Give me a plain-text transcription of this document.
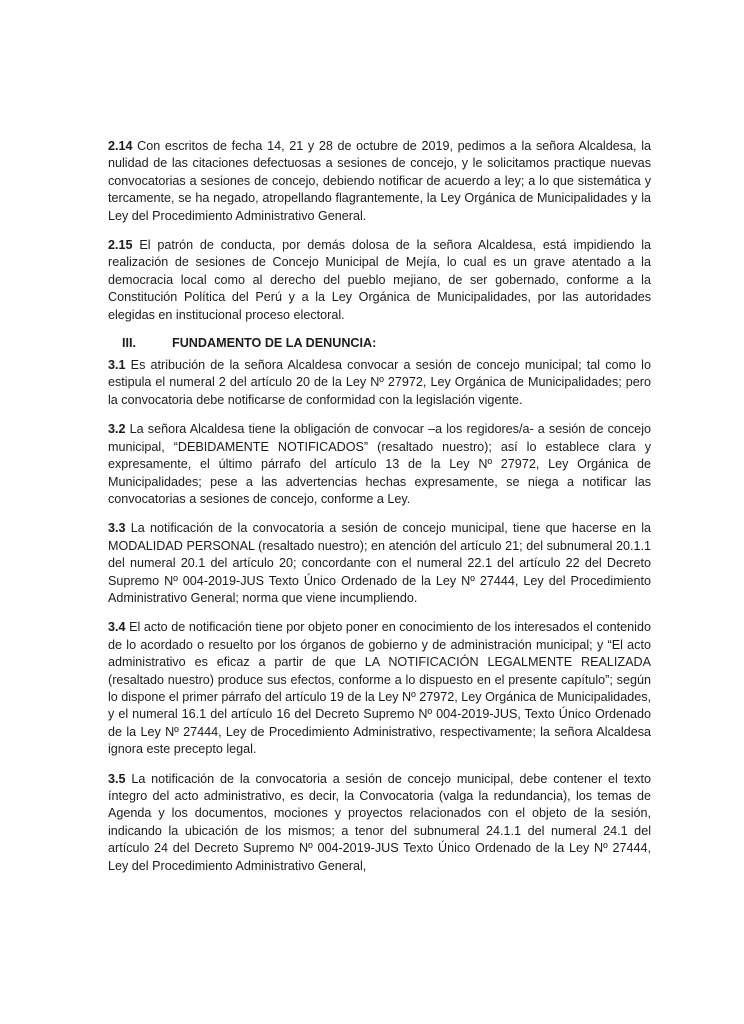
2.14 Con escritos de fecha 14, 21 y 28 de octubre de 2019, pedimos a la señora Alcaldesa, la nulidad de las citaciones defectuosas a sesiones de concejo, y le solicitamos practique nuevas convocatorias a sesiones de concejo, debiendo notificar de acuerdo a ley; a lo que sistemática y tercamente, se ha negado, atropellando flagrantemente, la Ley Orgánica de Municipalidades y la Ley del Procedimiento Administrativo General.

2.15 El patrón de conducta, por demás dolosa de la señora Alcaldesa, está impidiendo la realización de sesiones de Concejo Municipal de Mejía, lo cual es un grave atentado a la democracia local como al derecho del pueblo mejiano, de ser gobernado, conforme a la Constitución Política del Perú y a la Ley Orgánica de Municipalidades, por las autoridades elegidas en institucional proceso electoral.

III.	FUNDAMENTO DE LA DENUNCIA:

3.1 Es atribución de la señora Alcaldesa convocar a sesión de concejo municipal; tal como lo estipula el numeral 2 del artículo 20 de la Ley Nº 27972, Ley Orgánica de Municipalidades; pero la convocatoria debe notificarse de conformidad con la legislación vigente.

3.2 La señora Alcaldesa tiene la obligación de convocar –a los regidores/a- a sesión de concejo municipal, “DEBIDAMENTE NOTIFICADOS” (resaltado nuestro); así lo establece clara y expresamente, el último párrafo del artículo 13 de la Ley Nº 27972, Ley Orgánica de Municipalidades; pese a las advertencias hechas expresamente, se niega a notificar las convocatorias a sesiones de concejo, conforme a Ley.

3.3 La notificación de la convocatoria a sesión de concejo municipal, tiene que hacerse en la MODALIDAD PERSONAL (resaltado nuestro); en atención del artículo 21; del subnumeral 20.1.1 del numeral 20.1 del artículo 20; concordante con el numeral 22.1 del artículo 22 del Decreto Supremo Nº 004-2019-JUS Texto Único Ordenado de la Ley Nº 27444, Ley del Procedimiento Administrativo General; norma que viene incumpliendo.

3.4 El acto de notificación tiene por objeto poner en conocimiento de los interesados el contenido de lo acordado o resuelto por los órganos de gobierno y de administración municipal; y “El acto administrativo es eficaz a partir de que LA NOTIFICACIÓN LEGALMENTE REALIZADA (resaltado nuestro) produce sus efectos, conforme a lo dispuesto en el presente capítulo”; según lo dispone el primer párrafo del artículo 19 de la Ley Nº 27972, Ley Orgánica de Municipalidades, y el numeral 16.1 del artículo 16 del Decreto Supremo Nº 004-2019-JUS, Texto Único Ordenado de la Ley Nº 27444, Ley de Procedimiento Administrativo, respectivamente; la señora Alcaldesa ignora este precepto legal.

3.5 La notificación de la convocatoria a sesión de concejo municipal, debe contener el texto íntegro del acto administrativo, es decir, la Convocatoria (valga la redundancia), los temas de Agenda y los documentos, mociones y proyectos relacionados con el objeto de la sesión, indicando la ubicación de los mismos; a tenor del subnumeral 24.1.1 del numeral 24.1 del artículo 24 del Decreto Supremo Nº 004-2019-JUS Texto Único Ordenado de la Ley Nº 27444, Ley del Procedimiento Administrativo General,
